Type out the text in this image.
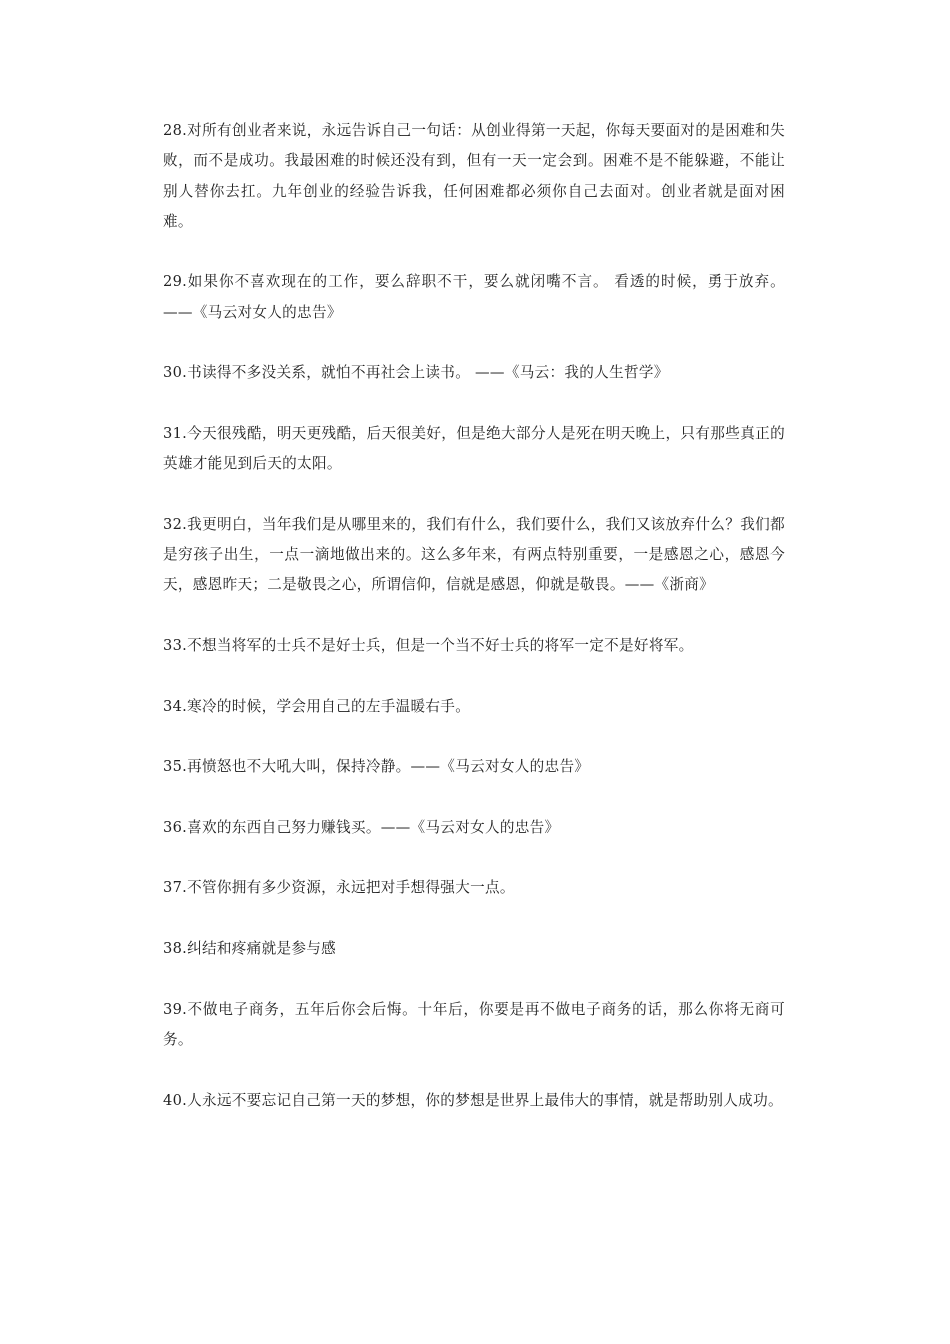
28.对所有创业者来说，永远告诉自己一句话：从创业得第一天起，你每天要面对的是困难和失败，而不是成功。我最困难的时候还没有到，但有一天一定会到。困难不是不能躲避，不能让别人替你去扛。九年创业的经验告诉我，任何困难都必须你自己去面对。创业者就是面对困难。

29.如果你不喜欢现在的工作，要么辞职不干，要么就闭嘴不言。 看透的时候，勇于放弃。——《马云对女人的忠告》

30.书读得不多没关系，就怕不再社会上读书。 ——《马云：我的人生哲学》

31.今天很残酷，明天更残酷，后天很美好，但是绝大部分人是死在明天晚上，只有那些真正的英雄才能见到后天的太阳。

32.我更明白，当年我们是从哪里来的，我们有什么，我们要什么，我们又该放弃什么？我们都是穷孩子出生，一点一滴地做出来的。这么多年来，有两点特别重要，一是感恩之心，感恩今天，感恩昨天；二是敬畏之心，所谓信仰，信就是感恩，仰就是敬畏。——《浙商》

33.不想当将军的士兵不是好士兵，但是一个当不好士兵的将军一定不是好将军。

34.寒冷的时候，学会用自己的左手温暖右手。

35.再愤怒也不大吼大叫，保持冷静。——《马云对女人的忠告》

36.喜欢的东西自己努力赚钱买。——《马云对女人的忠告》

37.不管你拥有多少资源，永远把对手想得强大一点。

38.纠结和疼痛就是参与感

39.不做电子商务，五年后你会后悔。十年后，你要是再不做电子商务的话，那么你将无商可务。

40.人永远不要忘记自己第一天的梦想，你的梦想是世界上最伟大的事情，就是帮助别人成功。
